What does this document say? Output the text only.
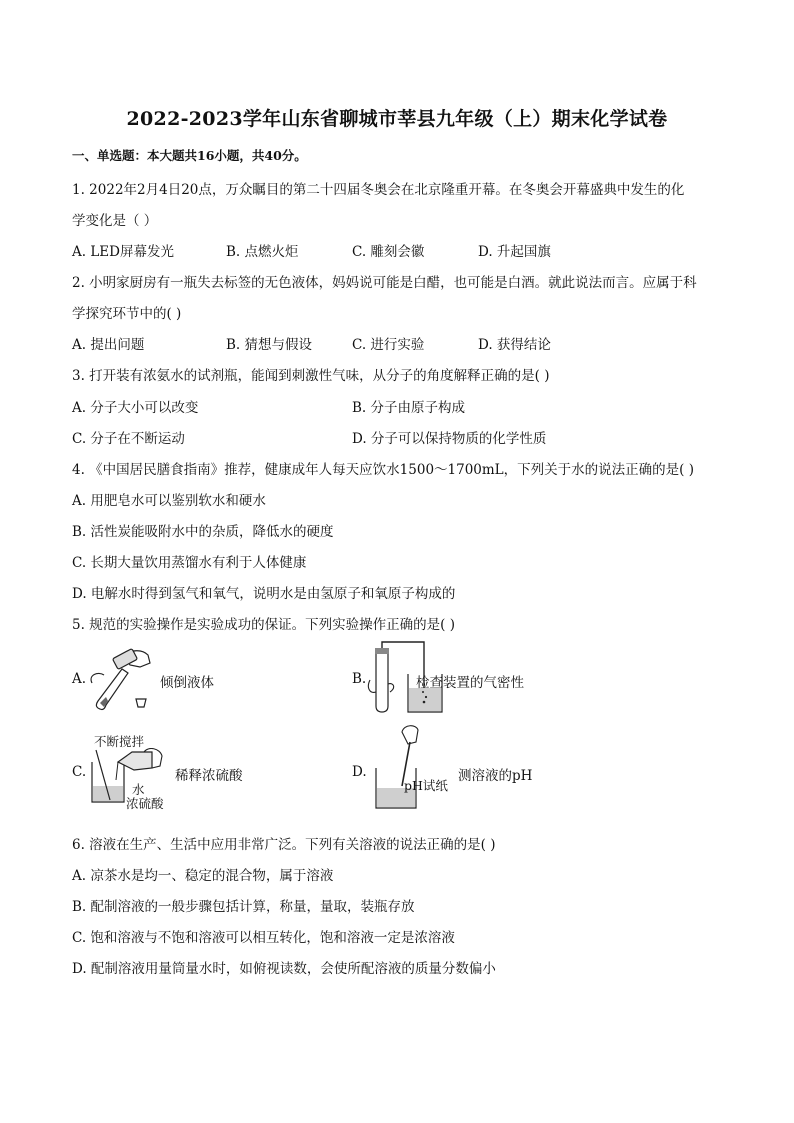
2022-2023学年山东省聊城市莘县九年级（上）期末化学试卷
一、单选题：本大题共16小题，共40分。
1. 2022年2月4日20点，万众瞩目的第二十四届冬奥会在北京隆重开幕。在冬奥会开幕盛典中发生的化
学变化是（ ）
A. LED屏幕发光	B. 点燃火炬	C. 雕刻会徽	D. 升起国旗
2. 小明家厨房有一瓶失去标签的无色液体，妈妈说可能是白醋，也可能是白酒。就此说法而言。应属于科
学探究环节中的( )
A. 提出问题	B. 猜想与假设	C. 进行实验	D. 获得结论
3. 打开装有浓氨水的试剂瓶，能闻到刺激性气味，从分子的角度解释正确的是( )
A. 分子大小可以改变	B. 分子由原子构成
C. 分子在不断运动	D. 分子可以保持物质的化学性质
4. 《中国居民膳食指南》推荐，健康成年人每天应饮水1500～1700mL，下列关于水的说法正确的是( )
A. 用肥皂水可以鉴别软水和硬水
B. 活性炭能吸附水中的杂质，降低水的硬度
C. 长期大量饮用蒸馏水有利于人体健康
D. 电解水时得到氢气和氧气，说明水是由氢原子和氧原子构成的
5. 规范的实验操作是实验成功的保证。下列实验操作正确的是( )
A.	倾倒液体	B.	检查装置的气密性
C.
不断搅拌
水
浓硫酸
稀释浓硫酸	D.
pH试纸
测溶液的pH
6. 溶液在生产、生活中应用非常广泛。下列有关溶液的说法正确的是( )
A. 凉茶水是均一、稳定的混合物，属于溶液
B. 配制溶液的一般步骤包括计算，称量，量取，装瓶存放
C. 饱和溶液与不饱和溶液可以相互转化，饱和溶液一定是浓溶液
D. 配制溶液用量筒量水时，如俯视读数，会使所配溶液的质量分数偏小
